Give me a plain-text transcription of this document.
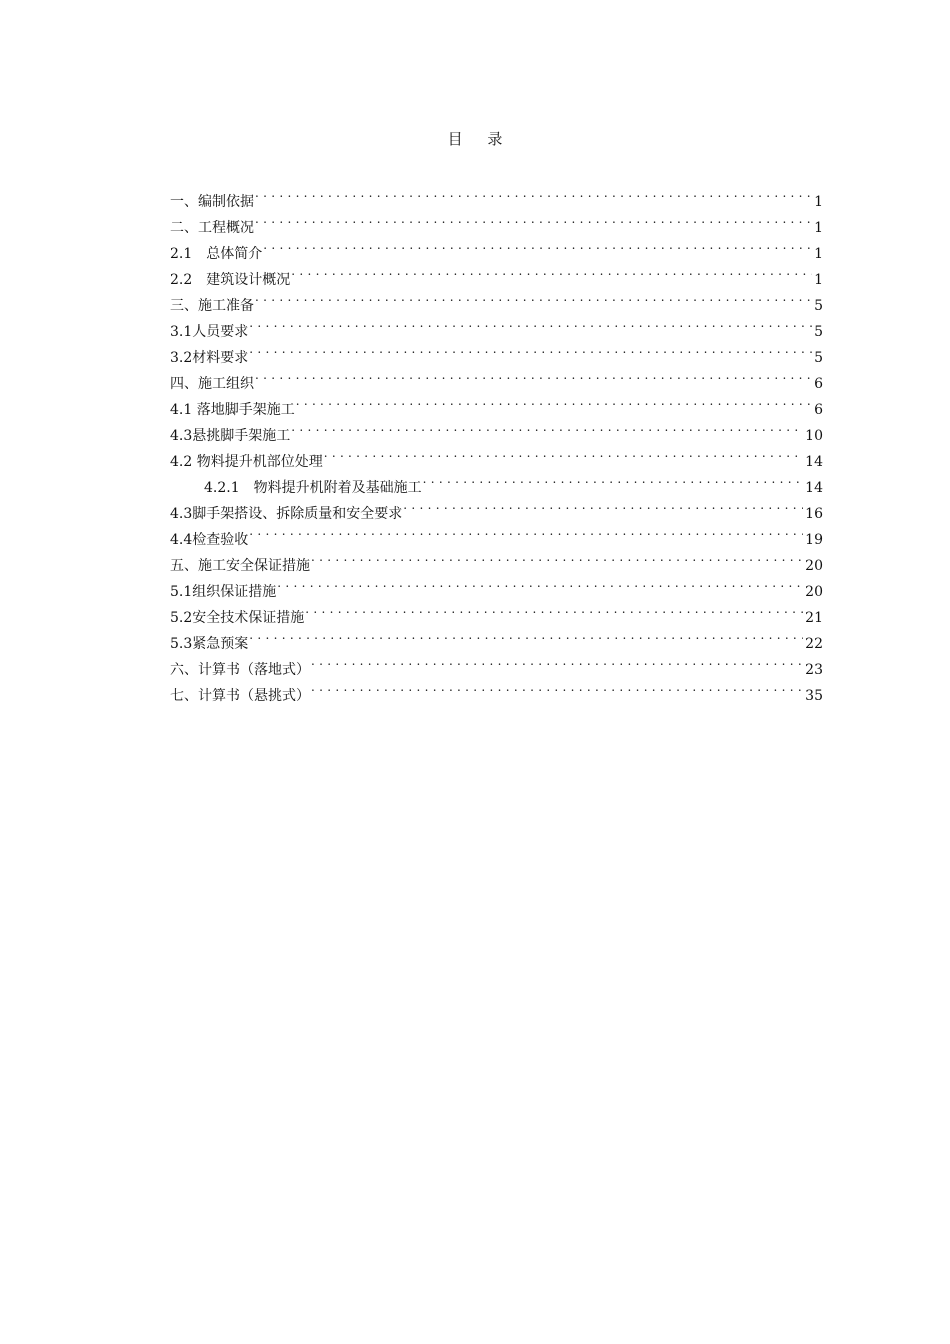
目 录
一、编制依据 .....	1
二、工程概况 .....	1
2.1　总体简介 .....	1
2.2　建筑设计概况 .....	1
三、施工准备 .....	5
3.1人员要求 .....	5
3.2材料要求 .....	5
四、施工组织 .....	6
4.1 落地脚手架施工 .....	6
4.3悬挑脚手架施工 .....	10
4.2 物料提升机部位处理 .....	14
4.2.1　物料提升机附着及基础施工 .....	14
4.3脚手架搭设、拆除质量和安全要求 .....	16
4.4检查验收 .....	19
五、施工安全保证措施 .....	20
5.1组织保证措施 .....	20
5.2安全技术保证措施 .....	21
5.3紧急预案 .....	22
六、计算书（落地式） .....	23
七、计算书（悬挑式） .....	35
